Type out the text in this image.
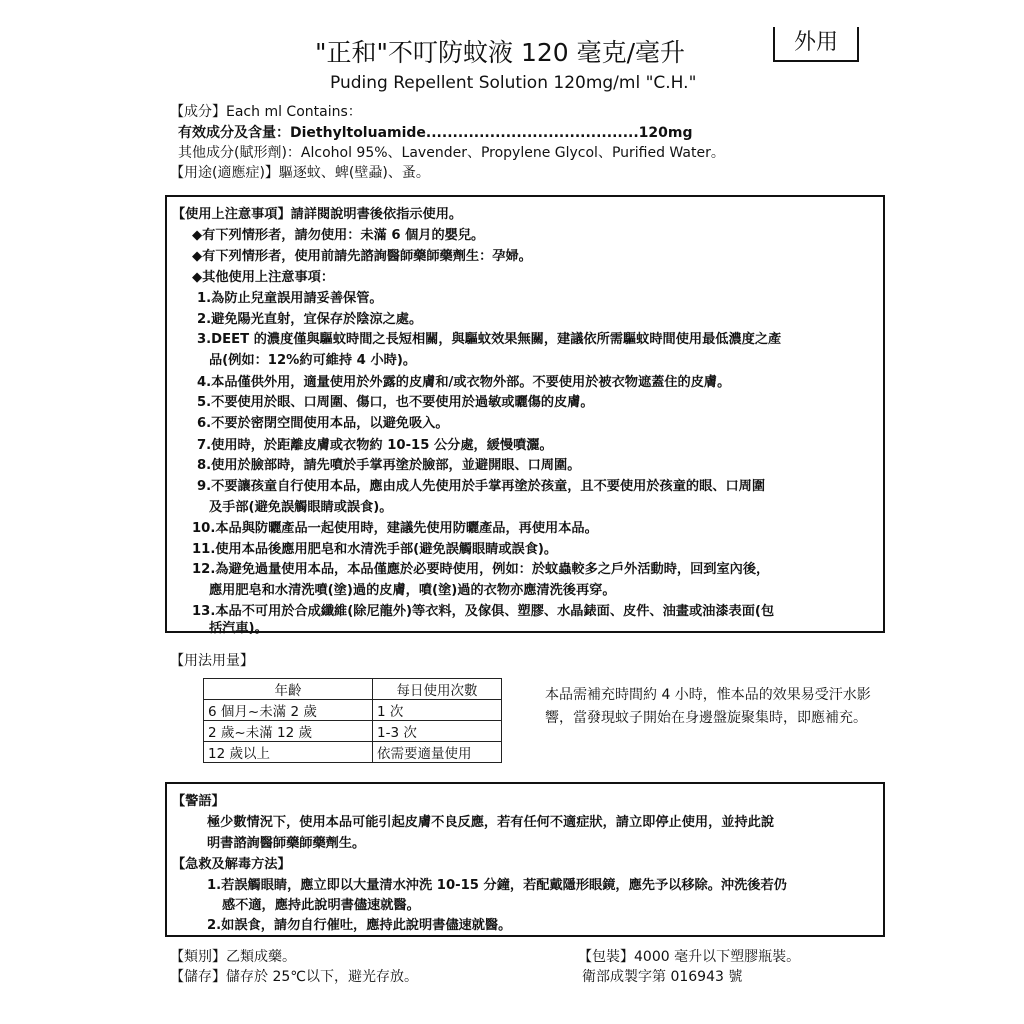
"正和"不叮防蚊液 120 毫克/毫升	外用
Puding Repellent Solution 120mg/ml "C.H."
【成分】Each ml Contains：
有效成分及含量：Diethyltoluamide........................................120mg
其他成分(賦形劑)：Alcohol 95%、Lavender、Propylene Glycol、Purified Water。
【用途(適應症)】驅逐蚊、蜱(壁蝨)、蚤。
【使用上注意事項】請詳閱說明書後依指示使用。
◆有下列情形者，請勿使用：未滿 6 個月的嬰兒。
◆有下列情形者，使用前請先諮詢醫師藥師藥劑生：孕婦。
◆其他使用上注意事項：
1.為防止兒童誤用請妥善保管。
2.避免陽光直射，宜保存於陰涼之處。
3.DEET 的濃度僅與驅蚊時間之長短相關，與驅蚊效果無關，建議依所需驅蚊時間使用最低濃度之產
品(例如：12%約可維持 4 小時)。
4.本品僅供外用，適量使用於外露的皮膚和/或衣物外部。不要使用於被衣物遮蓋住的皮膚。
5.不要使用於眼、口周圍、傷口，也不要使用於過敏或曬傷的皮膚。
6.不要於密閉空間使用本品，以避免吸入。
7.使用時，於距離皮膚或衣物約 10-15 公分處，緩慢噴灑。
8.使用於臉部時，請先噴於手掌再塗於臉部，並避開眼、口周圍。
9.不要讓孩童自行使用本品，應由成人先使用於手掌再塗於孩童，且不要使用於孩童的眼、口周圍
及手部(避免誤觸眼睛或誤食)。
10.本品與防曬產品一起使用時，建議先使用防曬產品，再使用本品。
11.使用本品後應用肥皂和水清洗手部(避免誤觸眼睛或誤食)。
12.為避免過量使用本品，本品僅應於必要時使用，例如：於蚊蟲較多之戶外活動時，回到室內後，
應用肥皂和水清洗噴(塗)過的皮膚，噴(塗)過的衣物亦應清洗後再穿。
13.本品不可用於合成纖維(除尼龍外)等衣料，及傢俱、塑膠、水晶錶面、皮件、油畫或油漆表面(包
括汽車)。
【用法用量】
年齡	每日使用次數
6 個月~未滿 2 歲	1 次
2 歲~未滿 12 歲	1-3 次
12 歲以上	依需要適量使用
本品需補充時間約 4 小時，惟本品的效果易受汗水影響，當發現蚊子開始在身邊盤旋聚集時，即應補充。
【警語】
極少數情況下，使用本品可能引起皮膚不良反應，若有任何不適症狀，請立即停止使用，並持此說
明書諮詢醫師藥師藥劑生。
【急救及解毒方法】
1.若誤觸眼睛，應立即以大量清水沖洗 10-15 分鐘，若配戴隱形眼鏡，應先予以移除。沖洗後若仍
感不適，應持此說明書儘速就醫。
2.如誤食，請勿自行催吐，應持此說明書儘速就醫。
【類別】乙類成藥。
【儲存】儲存於 25℃以下，避光存放。
【包裝】4000 毫升以下塑膠瓶裝。
衛部成製字第 016943 號
